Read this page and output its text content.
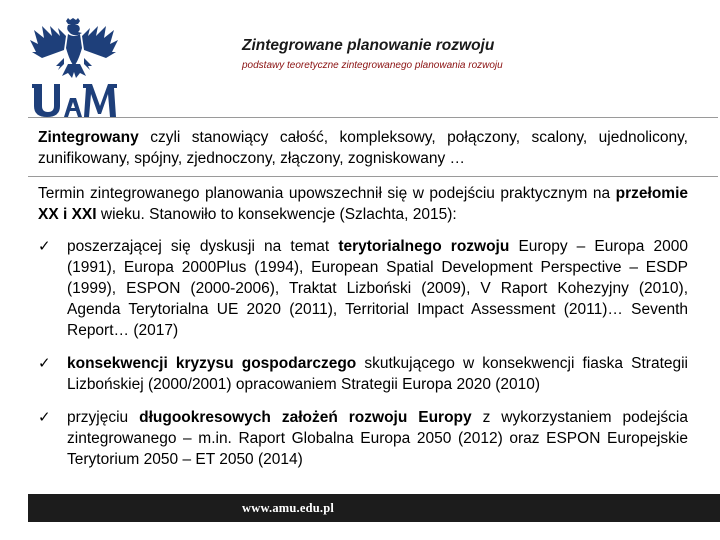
Zintegrowane planowanie rozwoju
podstawy teoretyczne zintegrowanego planowania rozwoju
Zintegrowany czyli stanowiący całość, kompleksowy, połączony, scalony, ujednolicony, zunifikowany, spójny, zjednoczony, złączony, zogniskowany …
Termin zintegrowanego planowania upowszechnił się w podejściu praktycznym na przełomie XX i XXI wieku. Stanowiło to konsekwencje (Szlachta, 2015):
✓ poszerzającej się dyskusji na temat terytorialnego rozwoju Europy – Europa 2000 (1991), Europa 2000Plus (1994), European Spatial Development Perspective – ESDP (1999), ESPON (2000-2006), Traktat Lizboński (2009), V Raport Kohezyjny (2010), Agenda Terytorialna UE 2020 (2011), Territorial Impact Assessment (2011)… Seventh Report… (2017)
✓ konsekwencji kryzysu gospodarczego skutkującego w konsekwencji fiaska Strategii Lizbońskiej (2000/2001) opracowaniem Strategii Europa 2020 (2010)
✓ przyjęciu długookresowych założeń rozwoju Europy z wykorzystaniem podejścia zintegrowanego – m.in. Raport Globalna Europa 2050 (2012) oraz ESPON Europejskie Terytorium 2050 – ET 2050 (2014)
www.amu.edu.pl
